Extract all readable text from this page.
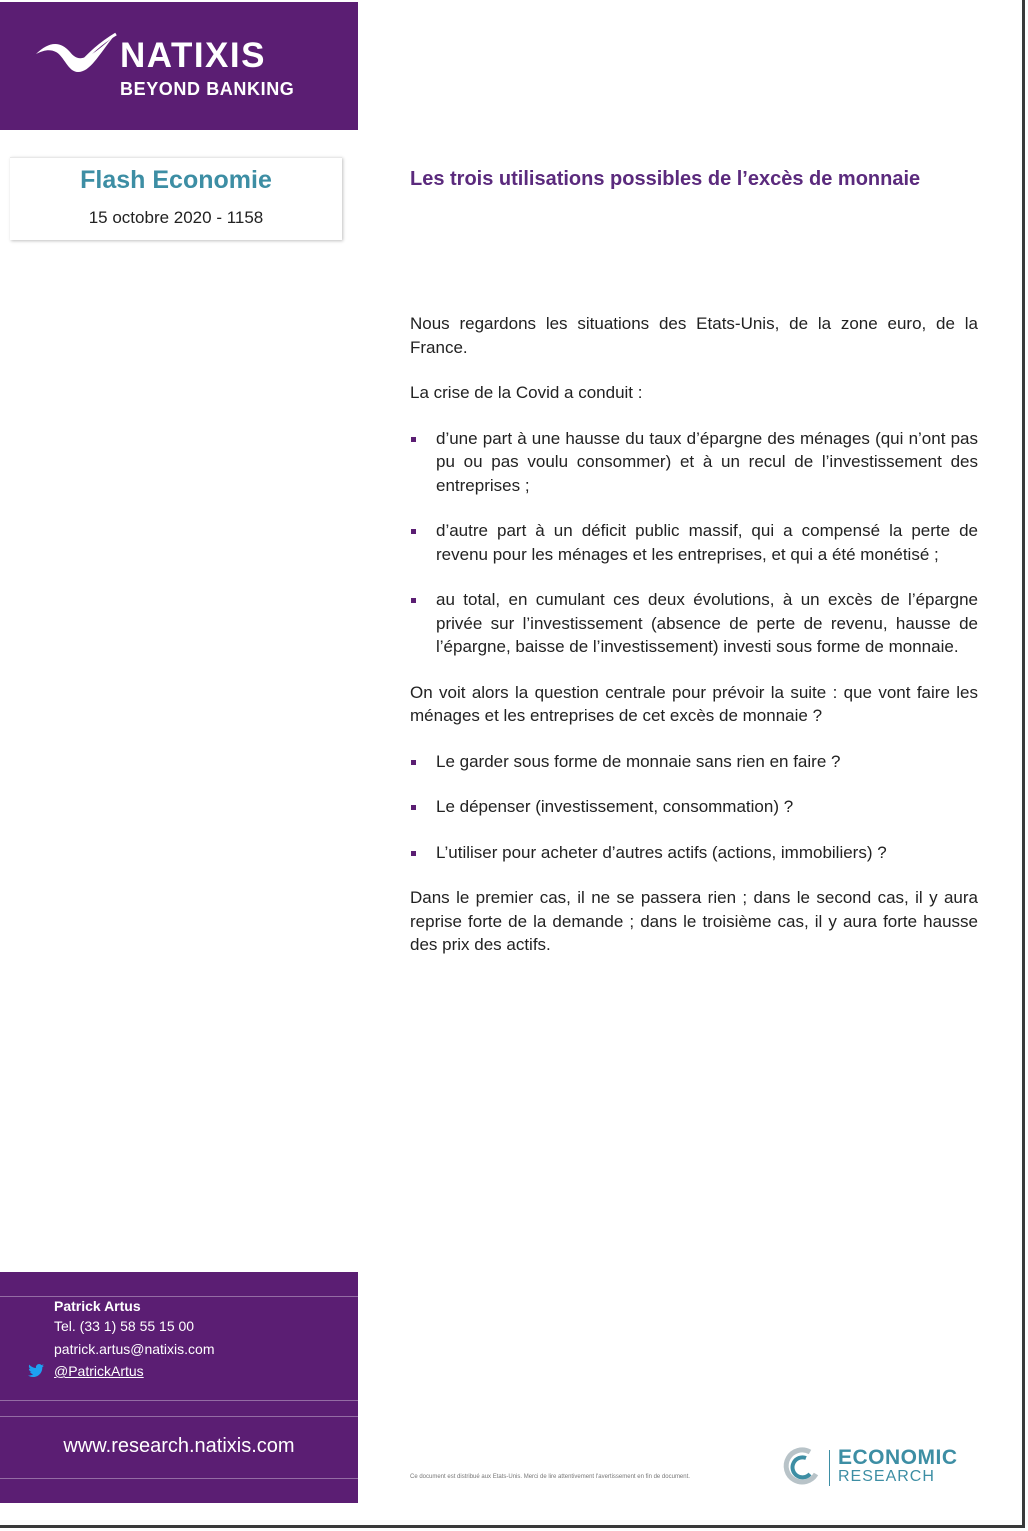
NATIXIS
BEYOND BANKING
Flash Economie
15 octobre 2020 - 1158
Les trois utilisations possibles de l’excès de monnaie

Nous regardons les situations des Etats-Unis, de la zone euro, de la France.

La crise de la Covid a conduit :

d’une part à une hausse du taux d’épargne des ménages (qui n’ont pas pu ou pas voulu consommer) et à un recul de l’investissement des entreprises ;
d’autre part à un déficit public massif, qui a compensé la perte de revenu pour les ménages et les entreprises, et qui a été monétisé ;
au total, en cumulant ces deux évolutions, à un excès de l’épargne privée sur l’investissement (absence de perte de revenu, hausse de l’épargne, baisse de l’investissement) investi sous forme de monnaie.

On voit alors la question centrale pour prévoir la suite : que vont faire les ménages et les entreprises de cet excès de monnaie ?

Le garder sous forme de monnaie sans rien en faire ?
Le dépenser (investissement, consommation) ?
L’utiliser pour acheter d’autres actifs (actions, immobiliers) ?

Dans le premier cas, il ne se passera rien ; dans le second cas, il y aura reprise forte de la demande ; dans le troisième cas, il y aura forte hausse des prix des actifs.

Patrick Artus
Tel. (33 1) 58 55 15 00
patrick.artus@natixis.com
@PatrickArtus
www.research.natixis.com
Ce document est distribué aux Etats-Unis. Merci de lire attentivement l'avertissement en fin de document.
ECONOMIC
RESEARCH
